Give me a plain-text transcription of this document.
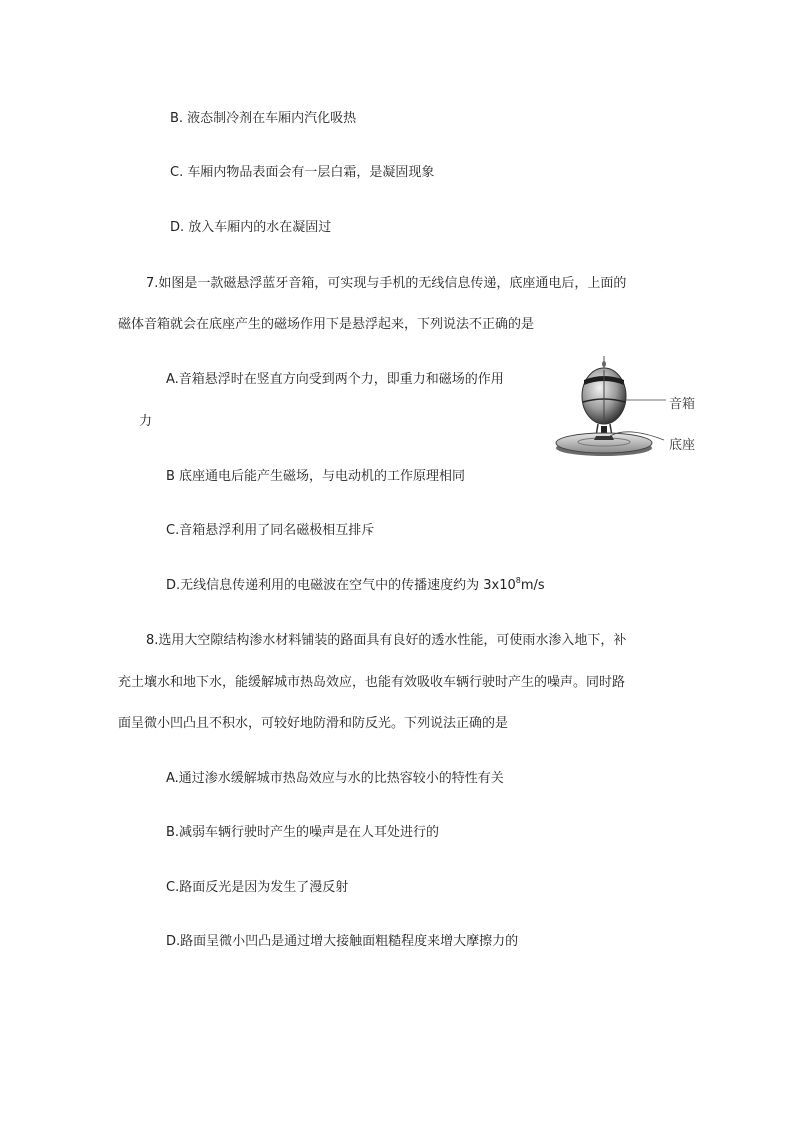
B. 液态制冷剂在车厢内汽化吸热
C. 车厢内物品表面会有一层白霜，是凝固现象
D. 放入车厢内的水在凝固过
7.如图是一款磁悬浮蓝牙音箱，可实现与手机的无线信息传递，底座通电后，上面的
磁体音箱就会在底座产生的磁场作用下是悬浮起来，下列说法不正确的是
A.音箱悬浮时在竖直方向受到两个力，即重力和磁场的作用
力
音箱
底座
B 底座通电后能产生磁场，与电动机的工作原理相同
C.音箱悬浮利用了同名磁极相互排斥
D.无线信息传递利用的电磁波在空气中的传播速度约为 $3x10^8m/s$
8.选用大空隙结构渗水材料铺装的路面具有良好的透水性能，可使雨水渗入地下，补
充土壤水和地下水，能缓解城市热岛效应，也能有效吸收车辆行驶时产生的噪声。同时路
面呈微小凹凸且不积水，可较好地防滑和防反光。下列说法正确的是
A.通过渗水缓解城市热岛效应与水的比热容较小的特性有关
B.减弱车辆行驶时产生的噪声是在人耳处进行的
C.路面反光是因为发生了漫反射
D.路面呈微小凹凸是通过增大接触面粗糙程度来增大摩擦力的
